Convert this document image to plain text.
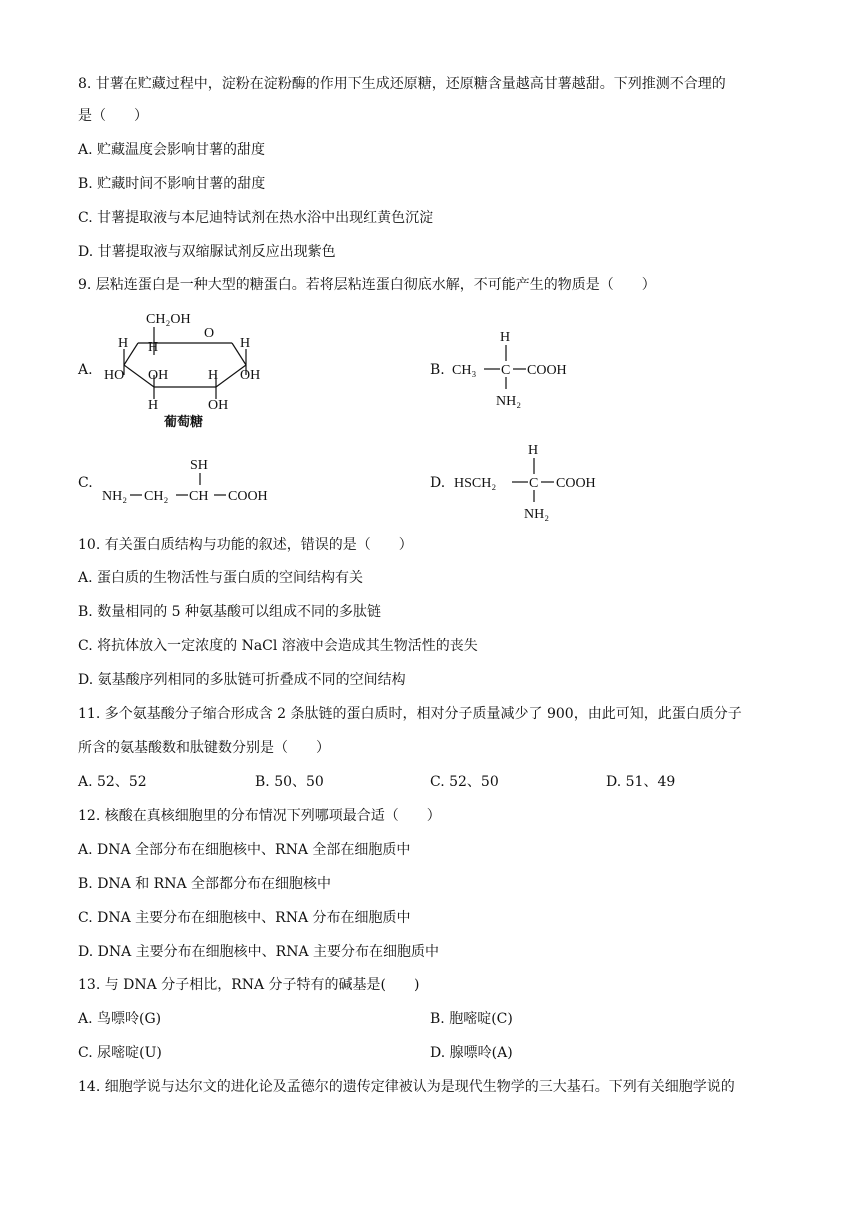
8. 甘薯在贮藏过程中，淀粉在淀粉酶的作用下生成还原糖，还原糖含量越高甘薯越甜。下列推测不合理的
是（　　）
A. 贮藏温度会影响甘薯的甜度
B. 贮藏时间不影响甘薯的甜度
C. 甘薯提取液与本尼迪特试剂在热水浴中出现红黄色沉淀
D. 甘薯提取液与双缩脲试剂反应出现紫色
9. 层粘连蛋白是一种大型的糖蛋白。若将层粘连蛋白彻底水解，不可能产生的物质是（　　）
A.
CH₂OH
O
H H	H
HO OH	H OH
H	OH
葡萄糖
B.
H
CH₃ C COOH
NH₂
C.
SH
NH₂ CH₂ CH COOH
D.
H
HSCH₂ C COOH
NH₂
10. 有关蛋白质结构与功能的叙述，错误的是（　　）
A. 蛋白质的生物活性与蛋白质的空间结构有关
B. 数量相同的 5 种氨基酸可以组成不同的多肽链
C. 将抗体放入一定浓度的 NaCl 溶液中会造成其生物活性的丧失
D. 氨基酸序列相同的多肽链可折叠成不同的空间结构
11. 多个氨基酸分子缩合形成含 2 条肽链的蛋白质时，相对分子质量减少了 900，由此可知，此蛋白质分子
所含的氨基酸数和肽键数分别是（　　）
A. 52、52	B. 50、50	C. 52、50	D. 51、49
12. 核酸在真核细胞里的分布情况下列哪项最合适（　　）
A. DNA 全部分布在细胞核中、RNA 全部在细胞质中
B. DNA 和 RNA 全部都分布在细胞核中
C. DNA 主要分布在细胞核中、RNA 分布在细胞质中
D. DNA 主要分布在细胞核中、RNA 主要分布在细胞质中
13. 与 DNA 分子相比，RNA 分子特有的碱基是(　　)
A. 鸟嘌呤(G)	B. 胞嘧啶(C)
C. 尿嘧啶(U)	D. 腺嘌呤(A)
14. 细胞学说与达尔文的进化论及孟德尔的遗传定律被认为是现代生物学的三大基石。下列有关细胞学说的
